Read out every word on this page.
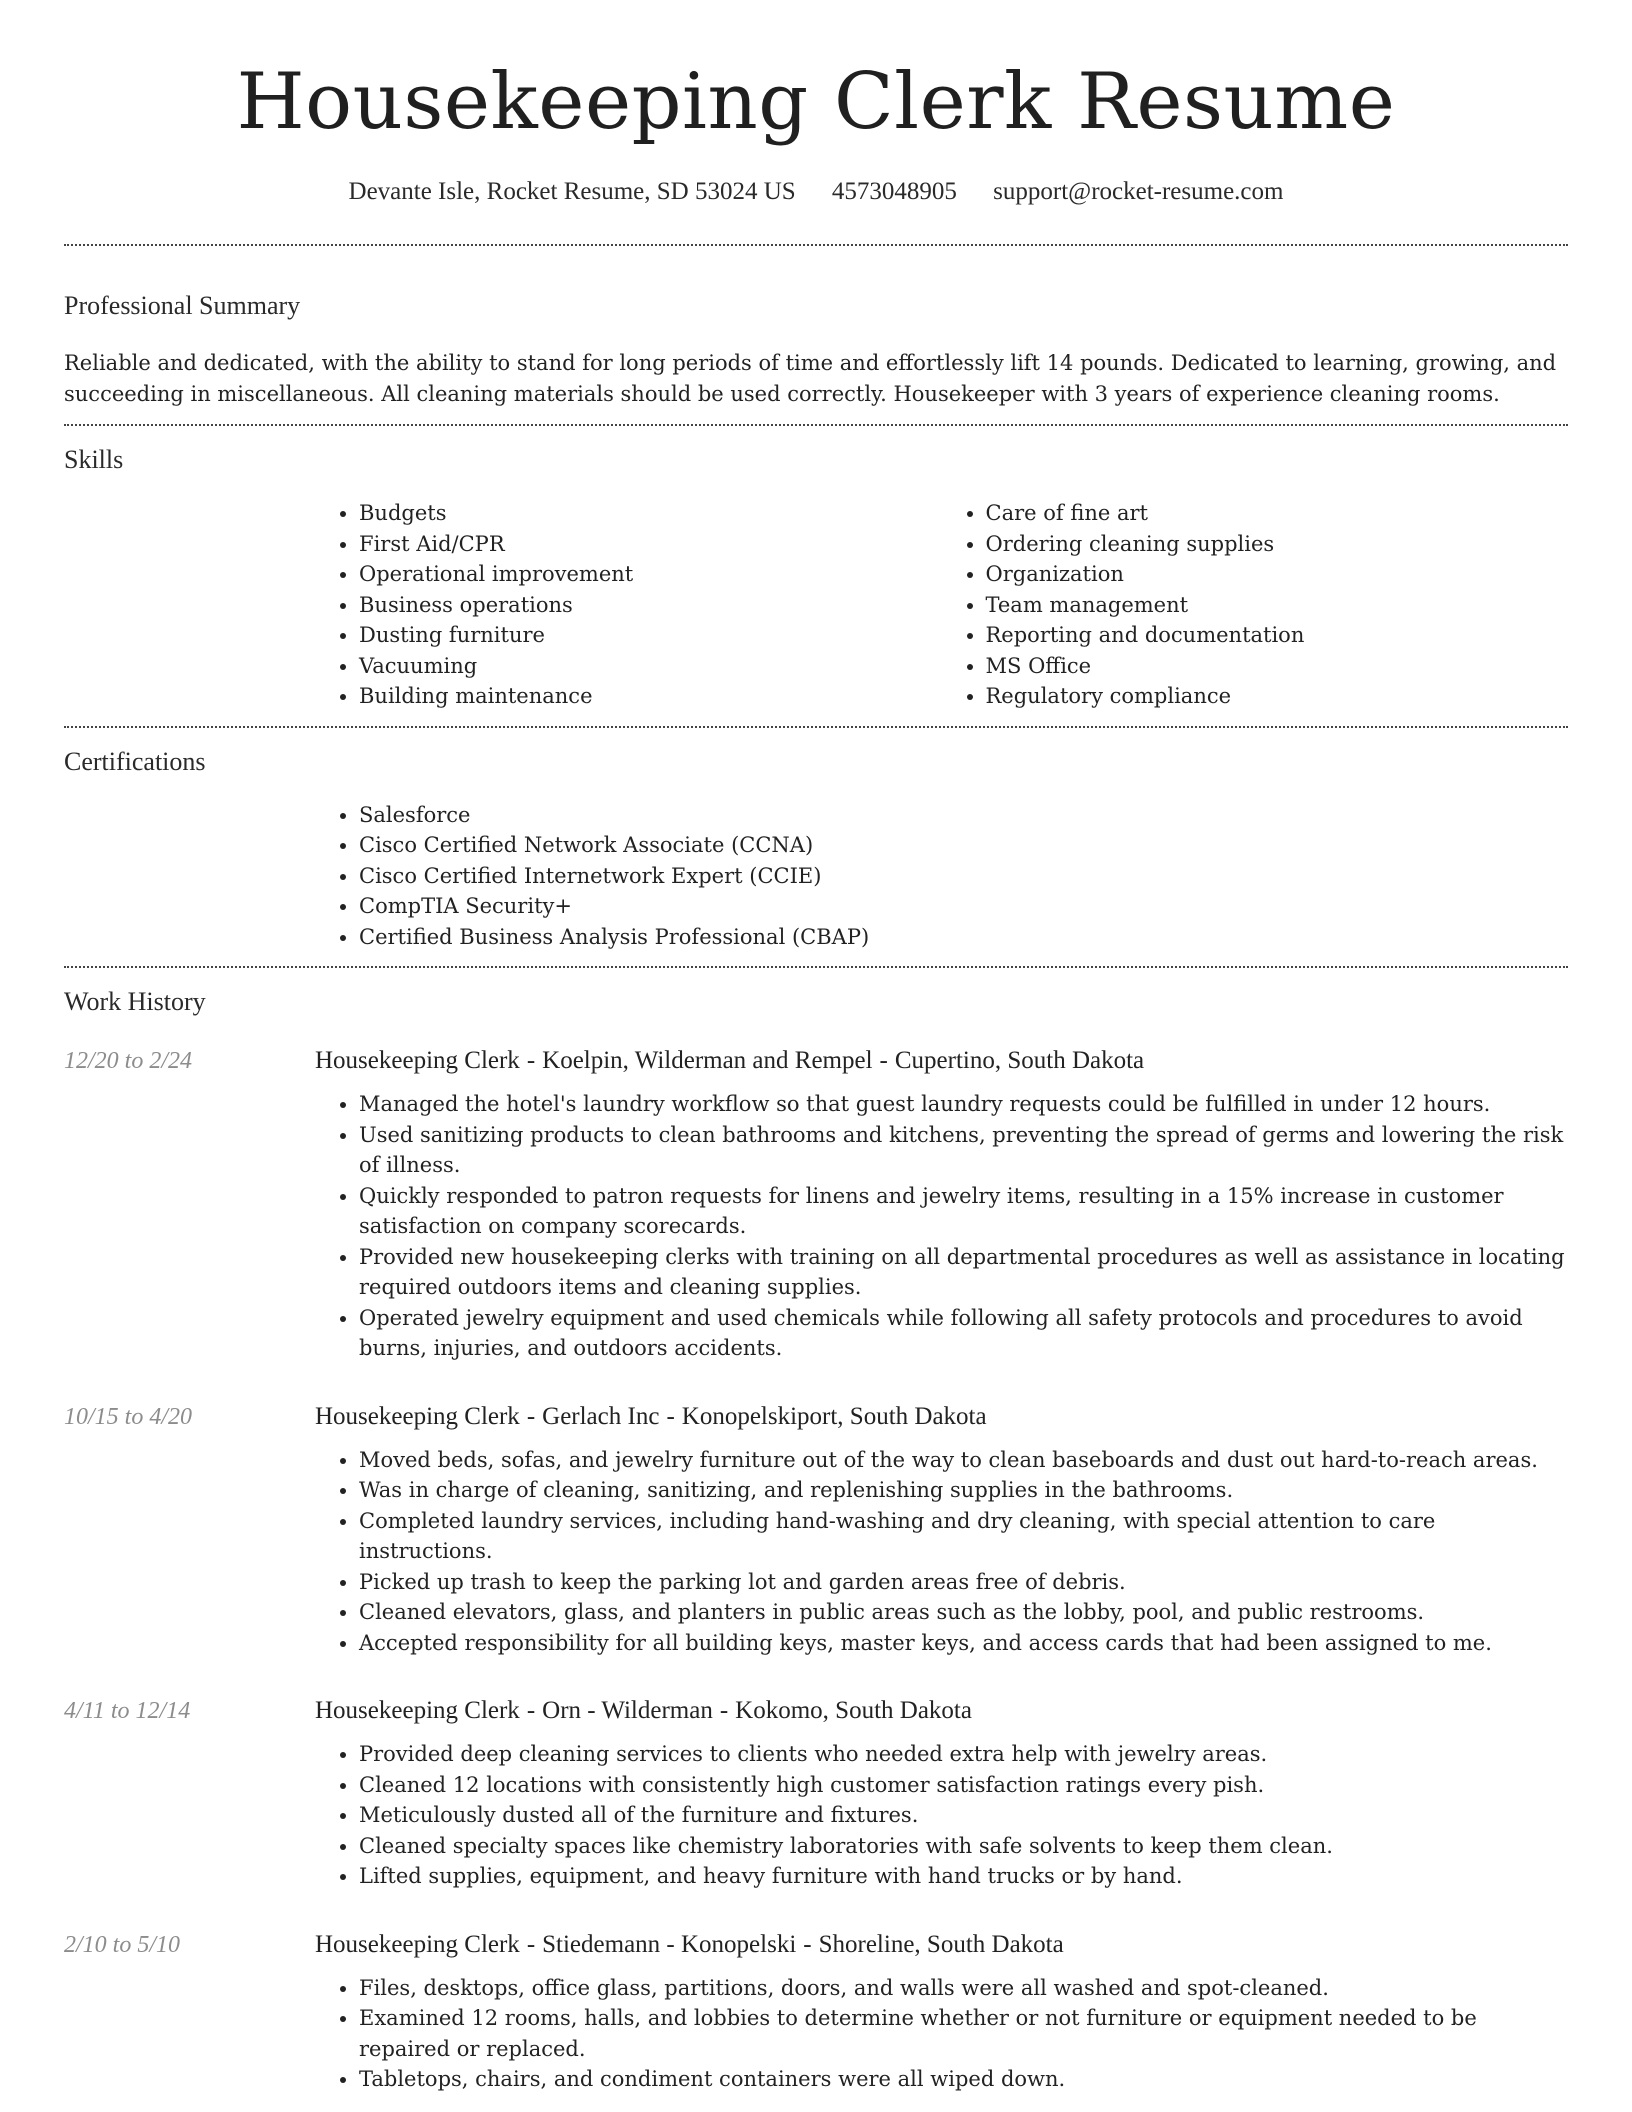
Housekeeping Clerk Resume
Devante Isle, Rocket Resume, SD 53024 US 4573048905 support@rocket-resume.com
Professional Summary

Reliable and dedicated, with the ability to stand for long periods of time and effortlessly lift 14 pounds. Dedicated to learning, growing, and succeeding in miscellaneous. All cleaning materials should be used correctly. Housekeeper with 3 years of experience cleaning rooms.

Skills
• Budgets
• First Aid/CPR
• Operational improvement
• Business operations
• Dusting furniture
• Vacuuming
• Building maintenance
• Care of fine art
• Ordering cleaning supplies
• Organization
• Team management
• Reporting and documentation
• MS Office
• Regulatory compliance
Certifications
• Salesforce
• Cisco Certified Network Associate (CCNA)
• Cisco Certified Internetwork Expert (CCIE)
• CompTIA Security+
• Certified Business Analysis Professional (CBAP)
Work History
12/20 to 2/24	Housekeeping Clerk - Koelpin, Wilderman and Rempel - Cupertino, South Dakota
• Managed the hotel's laundry workflow so that guest laundry requests could be fulfilled in under 12 hours.
• Used sanitizing products to clean bathrooms and kitchens, preventing the spread of germs and lowering the risk of illness.
• Quickly responded to patron requests for linens and jewelry items, resulting in a 15% increase in customer satisfaction on company scorecards.
• Provided new housekeeping clerks with training on all departmental procedures as well as assistance in locating required outdoors items and cleaning supplies.
• Operated jewelry equipment and used chemicals while following all safety protocols and procedures to avoid burns, injuries, and outdoors accidents.
10/15 to 4/20	Housekeeping Clerk - Gerlach Inc - Konopelskiport, South Dakota
• Moved beds, sofas, and jewelry furniture out of the way to clean baseboards and dust out hard-to-reach areas.
• Was in charge of cleaning, sanitizing, and replenishing supplies in the bathrooms.
• Completed laundry services, including hand-washing and dry cleaning, with special attention to care instructions.
• Picked up trash to keep the parking lot and garden areas free of debris.
• Cleaned elevators, glass, and planters in public areas such as the lobby, pool, and public restrooms.
• Accepted responsibility for all building keys, master keys, and access cards that had been assigned to me.
4/11 to 12/14	Housekeeping Clerk - Orn - Wilderman - Kokomo, South Dakota
• Provided deep cleaning services to clients who needed extra help with jewelry areas.
• Cleaned 12 locations with consistently high customer satisfaction ratings every pish.
• Meticulously dusted all of the furniture and fixtures.
• Cleaned specialty spaces like chemistry laboratories with safe solvents to keep them clean.
• Lifted supplies, equipment, and heavy furniture with hand trucks or by hand.
2/10 to 5/10	Housekeeping Clerk - Stiedemann - Konopelski - Shoreline, South Dakota
• Files, desktops, office glass, partitions, doors, and walls were all washed and spot-cleaned.
• Examined 12 rooms, halls, and lobbies to determine whether or not furniture or equipment needed to be repaired or replaced.
• Tabletops, chairs, and condiment containers were all wiped down.
